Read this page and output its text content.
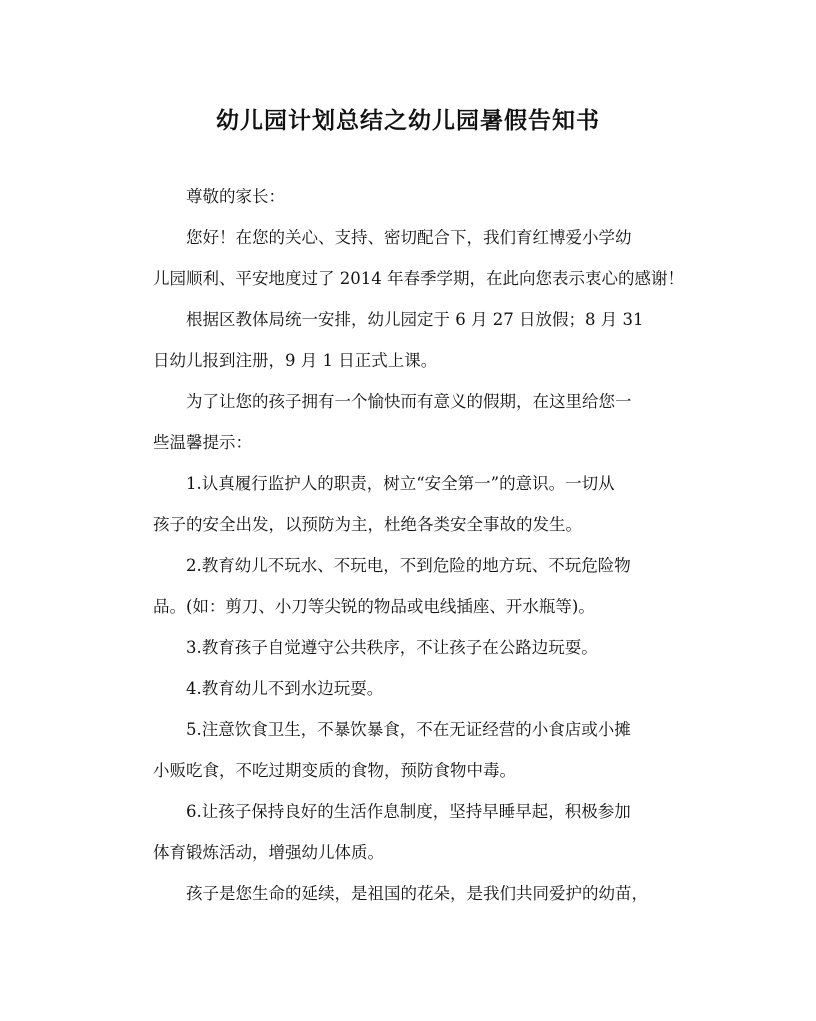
幼儿园计划总结之幼儿园暑假告知书
尊敬的家长：
您好！在您的关心、支持、密切配合下，我们育红博爱小学幼
儿园顺利、平安地度过了 2014 年春季学期，在此向您表示衷心的感谢！
根据区教体局统一安排，幼儿园定于 6 月 27 日放假；8 月 31
日幼儿报到注册，9 月 1 日正式上课。
为了让您的孩子拥有一个愉快而有意义的假期，在这里给您一
些温馨提示：
1.认真履行监护人的职责，树立“安全第一”的意识。一切从
孩子的安全出发，以预防为主，杜绝各类安全事故的发生。
2.教育幼儿不玩水、不玩电，不到危险的地方玩、不玩危险物
品。(如：剪刀、小刀等尖锐的物品或电线插座、开水瓶等)。
3.教育孩子自觉遵守公共秩序，不让孩子在公路边玩耍。
4.教育幼儿不到水边玩耍。
5.注意饮食卫生，不暴饮暴食，不在无证经营的小食店或小摊
小贩吃食，不吃过期变质的食物，预防食物中毒。
6.让孩子保持良好的生活作息制度，坚持早睡早起，积极参加
体育锻炼活动，增强幼儿体质。
孩子是您生命的延续，是祖国的花朵，是我们共同爱护的幼苗，
